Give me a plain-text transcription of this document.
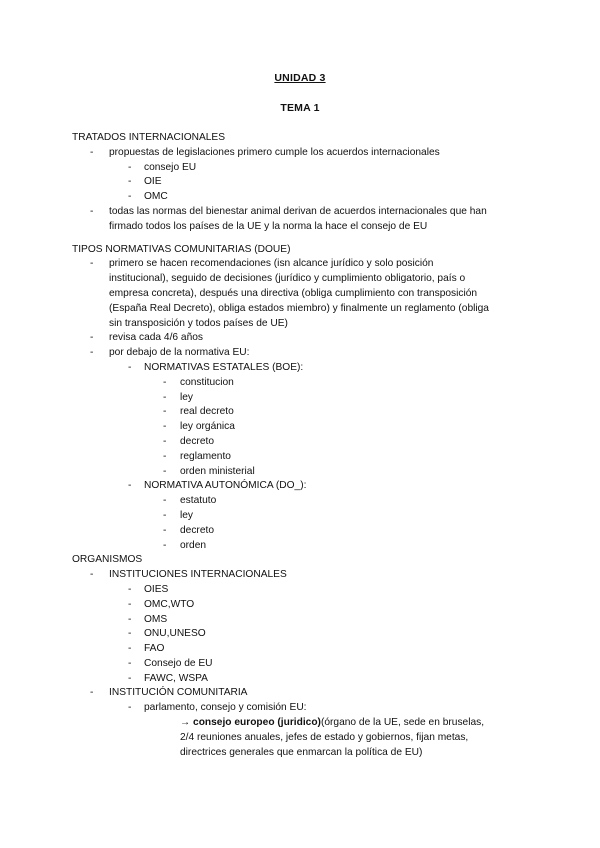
UNIDAD 3
TEMA 1
TRATADOS INTERNACIONALES
- propuestas de legislaciones primero cumple los acuerdos internacionales
- consejo EU
- OIE
- OMC
- todas las normas del bienestar animal derivan de acuerdos internacionales que han
firmado todos los países de la UE y la norma la hace el consejo de EU
TIPOS NORMATIVAS COMUNITARIAS (DOUE)
- primero se hacen recomendaciones (isn alcance jurídico y solo posición
institucional), seguido de decisiones (jurídico y cumplimiento obligatorio, país o
empresa concreta), después una directiva (obliga cumplimiento con transposición
(España Real Decreto), obliga estados miembro) y finalmente un reglamento (obliga
sin transposición y todos países de UE)
- revisa cada 4/6 años
- por debajo de la normativa EU:
- NORMATIVAS ESTATALES (BOE):
- constitucion
- ley
- real decreto
- ley orgánica
- decreto
- reglamento
- orden ministerial
- NORMATIVA AUTONÓMICA (DO_):
- estatuto
- ley
- decreto
- orden
ORGANISMOS
- INSTITUCIONES INTERNACIONALES
- OIES
- OMC,WTO
- OMS
- ONU,UNESO
- FAO
- Consejo de EU
- FAWC, WSPA
- INSTITUCIÓN COMUNITARIA
- parlamento, consejo y comisión EU:
→ consejo europeo (juridico)(órgano de la UE, sede en bruselas,
2/4 reuniones anuales, jefes de estado y gobiernos, fijan metas,
directrices generales que enmarcan la política de EU)
